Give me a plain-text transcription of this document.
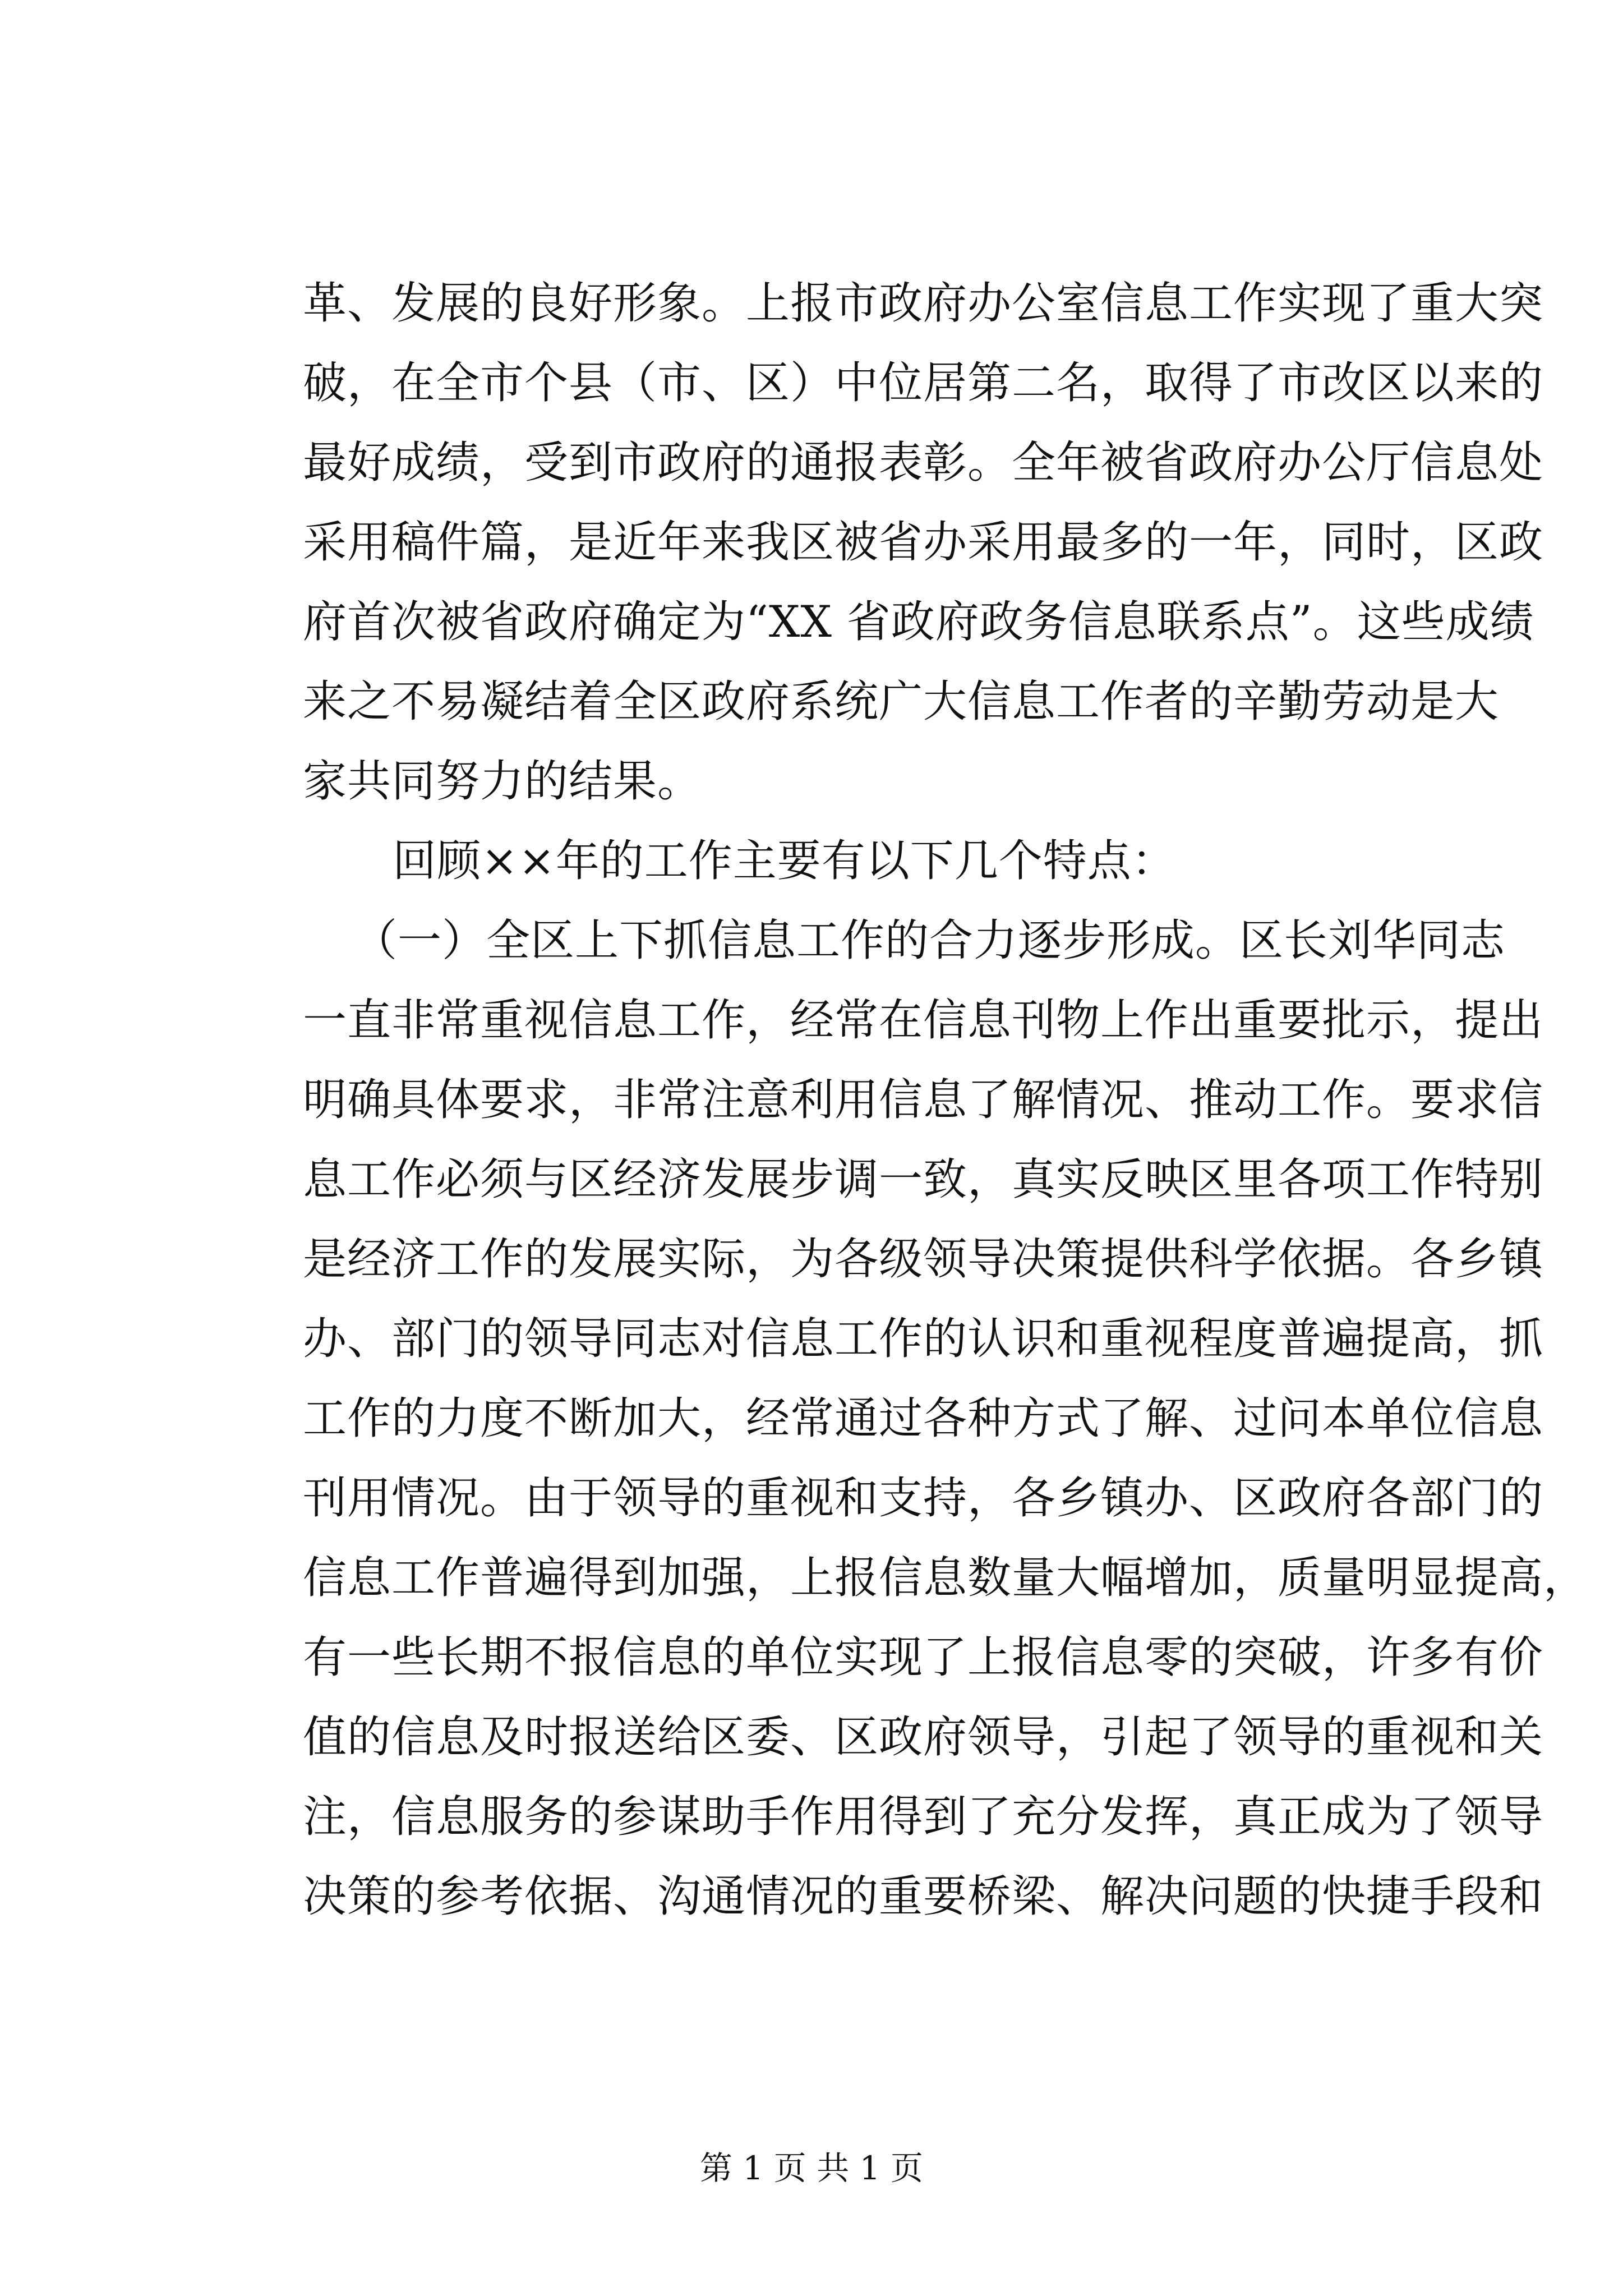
革、发展的良好形象。上报市政府办公室信息工作实现了重大突
破，在全市个县（市、区）中位居第二名，取得了市改区以来的
最好成绩，受到市政府的通报表彰。全年被省政府办公厅信息处
采用稿件篇，是近年来我区被省办采用最多的一年，同时，区政
府首次被省政府确定为“XX 省政府政务信息联系点”。这些成绩
来之不易凝结着全区政府系统广大信息工作者的辛勤劳动是大
家共同努力的结果。
回顾××年的工作主要有以下几个特点：
（一）全区上下抓信息工作的合力逐步形成。区长刘华同志
一直非常重视信息工作，经常在信息刊物上作出重要批示，提出
明确具体要求，非常注意利用信息了解情况、推动工作。要求信
息工作必须与区经济发展步调一致，真实反映区里各项工作特别
是经济工作的发展实际，为各级领导决策提供科学依据。各乡镇
办、部门的领导同志对信息工作的认识和重视程度普遍提高，抓
工作的力度不断加大，经常通过各种方式了解、过问本单位信息
刊用情况。由于领导的重视和支持，各乡镇办、区政府各部门的
信息工作普遍得到加强，上报信息数量大幅增加，质量明显提高，
有一些长期不报信息的单位实现了上报信息零的突破，许多有价
值的信息及时报送给区委、区政府领导，引起了领导的重视和关
注，信息服务的参谋助手作用得到了充分发挥，真正成为了领导
决策的参考依据、沟通情况的重要桥梁、解决问题的快捷手段和
第 1 页 共 1 页
